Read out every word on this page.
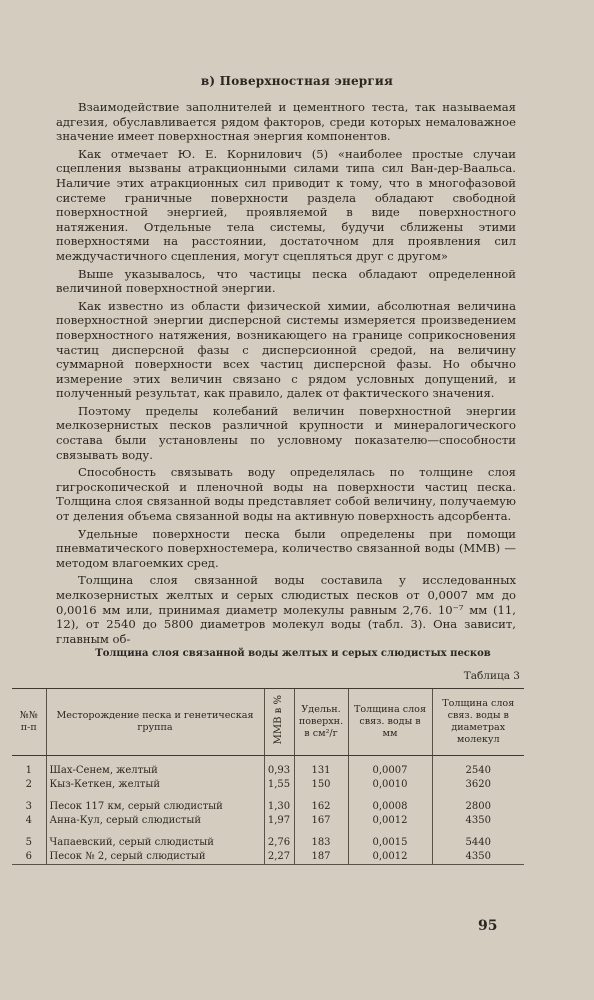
в) Поверхностная энергия

Взаимодействие заполнителей и цементного теста, так называемая адгезия, обуславливается рядом факторов, среди которых немаловажное значение имеет поверхностная энергия компонентов.

Как отмечает Ю. Е. Корнилович (5) «наиболее простые случаи сцепления вызваны атракционными силами типа сил Ван-дер-Ваальса. Наличие этих атракционных сил приводит к тому, что в многофазовой системе граничные поверхности раздела обладают свободной поверхностной энергией, проявляемой в виде поверхностного натяжения. Отдельные тела системы, будучи сближены этими поверхностями на расстоянии, достаточном для проявления сил междучастичного сцепления, могут сцепляться друг с другом»

Выше указывалось, что частицы песка обладают определенной величиной поверхностной энергии.

Как известно из области физической химии, абсолютная величина поверхностной энергии дисперсной системы измеряется произведением поверхностного натяжения, возникающего на границе соприкосновения частиц дисперсной фазы с дисперсионной средой, на величину суммарной поверхности всех частиц дисперсной фазы. Но обычно измерение этих величин связано с рядом условных допущений, и полученный результат, как правило, далек от фактического значения.

Поэтому пределы колебаний величин поверхностной энергии мелкозернистых песков различной крупности и минералогического состава были установлены по условному показателю—способности связывать воду.

Способность связывать воду определялась по толщине слоя гигроскопической и пленочной воды на поверхности частиц песка. Толщина слоя связанной воды представляет собой величину, получаемую от деления объема связанной воды на активную поверхность адсорбента.

Удельные поверхности песка были определены при помощи пневматического поверхностемера, количество связанной воды (ММВ) — методом влагоемких сред.

Толщина слоя связанной воды составила у исследованных мелкозернистых желтых и серых слюдистых песков от 0,0007 мм до 0,0016 мм или, принимая диаметр молекулы равным 2,76. 10⁻⁷ мм (11, 12), от 2540 до 5800 диаметров молекул воды (табл. 3). Она зависит, главным об-

Толщина слоя связанной воды желтых и серых слюдистых песков
Таблица 3
№№ п-п	Месторождение песка и генетическая группа	ММВ в %	Удельн. поверхн. в см²/г	Толщина слоя связ. воды в мм	Толщина слоя связ. воды в диаметрах молекул

1	Шах-Сенем, желтый	0,93	131	0,0007	2540
2	Кыз-Кеткен, желтый	1,55	150	0,0010	3620

3	Песок 117 км, серый слюдистый	1,30	162	0,0008	2800
4	Анна-Кул, серый слюдистый	1,97	167	0,0012	4350

5	Чапаевский, серый слюдистый	2,76	183	0,0015	5440
6	Песок № 2, серый слюдистый	2,27	187	0,0012	4350
95
